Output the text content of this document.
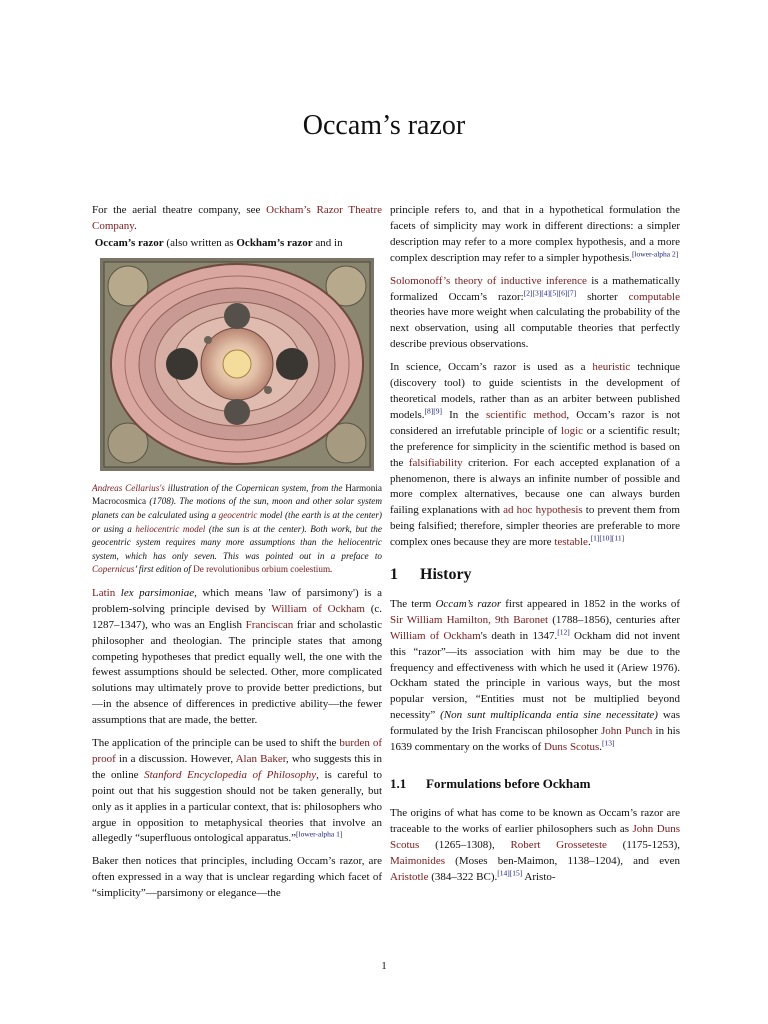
Occam’s razor

For the aerial theatre company, see Ockham’s Razor Theatre Company.

Occam’s razor (also written as Ockham’s razor and in

Andreas Cellarius's illustration of the Copernican system, from the Harmonia Macrocosmica (1708). The motions of the sun, moon and other solar system planets can be calculated using a geocentric model (the earth is at the center) or using a heliocentric model (the sun is at the center). Both work, but the geocentric system requires many more assumptions than the heliocentric system, which has only seven. This was pointed out in a preface to Copernicus’ first edition of De revolutionibus orbium coelestium.

Latin lex parsimoniae, which means 'law of parsimony') is a problem-solving principle devised by William of Ockham (c. 1287–1347), who was an English Franciscan friar and scholastic philosopher and theologian. The principle states that among competing hypotheses that predict equally well, the one with the fewest assumptions should be selected. Other, more complicated solutions may ultimately prove to provide better predictions, but—in the absence of differences in predictive ability—the fewer assumptions that are made, the better.

The application of the principle can be used to shift the burden of proof in a discussion. However, Alan Baker, who suggests this in the online Stanford Encyclopedia of Philosophy, is careful to point out that his suggestion should not be taken generally, but only as it applies in a particular context, that is: philosophers who argue in opposition to metaphysical theories that involve an allegedly “superfluous ontological apparatus.”[lower-alpha 1]

Baker then notices that principles, including Occam’s razor, are often expressed in a way that is unclear regarding which facet of “simplicity”—parsimony or elegance—the

principle refers to, and that in a hypothetical formulation the facets of simplicity may work in different directions: a simpler description may refer to a more complex hypothesis, and a more complex description may refer to a simpler hypothesis.[lower-alpha 2]

Solomonoff’s theory of inductive inference is a mathematically formalized Occam’s razor:[2][3][4][5][6][7] shorter computable theories have more weight when calculating the probability of the next observation, using all computable theories that perfectly describe previous observations.

In science, Occam’s razor is used as a heuristic technique (discovery tool) to guide scientists in the development of theoretical models, rather than as an arbiter between published models.[8][9] In the scientific method, Occam’s razor is not considered an irrefutable principle of logic or a scientific result; the preference for simplicity in the scientific method is based on the falsifiability criterion. For each accepted explanation of a phenomenon, there is always an infinite number of possible and more complex alternatives, because one can always burden failing explanations with ad hoc hypothesis to prevent them from being falsified; therefore, simpler theories are preferable to more complex ones because they are more testable.[1][10][11]

1 History

The term Occam’s razor first appeared in 1852 in the works of Sir William Hamilton, 9th Baronet (1788–1856), centuries after William of Ockham's death in 1347.[12] Ockham did not invent this “razor”—its association with him may be due to the frequency and effectiveness with which he used it (Ariew 1976). Ockham stated the principle in various ways, but the most popular version, “Entities must not be multiplied beyond necessity” (Non sunt multiplicanda entia sine necessitate) was formulated by the Irish Franciscan philosopher John Punch in his 1639 commentary on the works of Duns Scotus.[13]

1.1 Formulations before Ockham

The origins of what has come to be known as Occam’s razor are traceable to the works of earlier philosophers such as John Duns Scotus (1265–1308), Robert Grosseteste (1175-1253), Maimonides (Moses ben-Maimon, 1138–1204), and even Aristotle (384–322 BC).[14][15] Aristo-

1
